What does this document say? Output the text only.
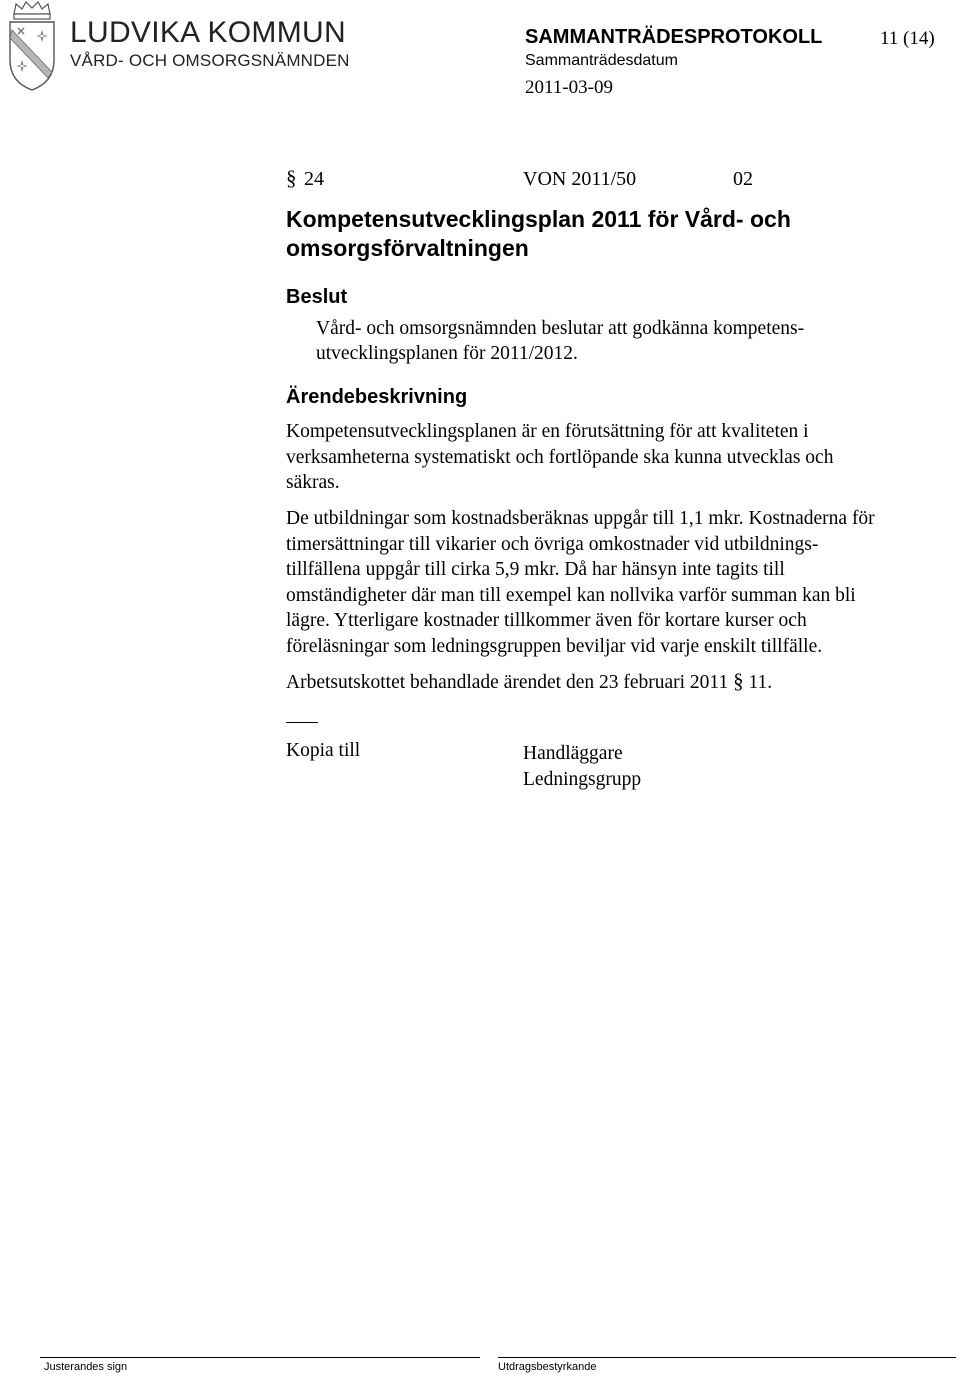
LUDVIKA KOMMUN
VÅRD- OCH OMSORGSNÄMNDEN
SAMMANTRÄDESPROTOKOLL	11 (14)
Sammanträdesdatum
2011-03-09
§ 24	VON 2011/50	02
Kompetensutvecklingsplan 2011 för Vård- och
omsorgsförvaltningen
Beslut
Vård- och omsorgsnämnden beslutar att godkänna kompetens-
utvecklingsplanen för 2011/2012.
Ärendebeskrivning
Kompetensutvecklingsplanen är en förutsättning för att kvaliteten i
verksamheterna systematiskt och fortlöpande ska kunna utvecklas och
säkras.
De utbildningar som kostnadsberäknas uppgår till 1,1 mkr. Kostnaderna för
timersättningar till vikarier och övriga omkostnader vid utbildnings-
tillfällena uppgår till cirka 5,9 mkr. Då har hänsyn inte tagits till
omständigheter där man till exempel kan nollvika varför summan kan bli
lägre. Ytterligare kostnader tillkommer även för kortare kurser och
föreläsningar som ledningsgruppen beviljar vid varje enskilt tillfälle.
Arbetsutskottet behandlade ärendet den 23 februari 2011 § 11.
Kopia till	Handläggare
Ledningsgrupp
Justerandes sign	Utdragsbestyrkande
